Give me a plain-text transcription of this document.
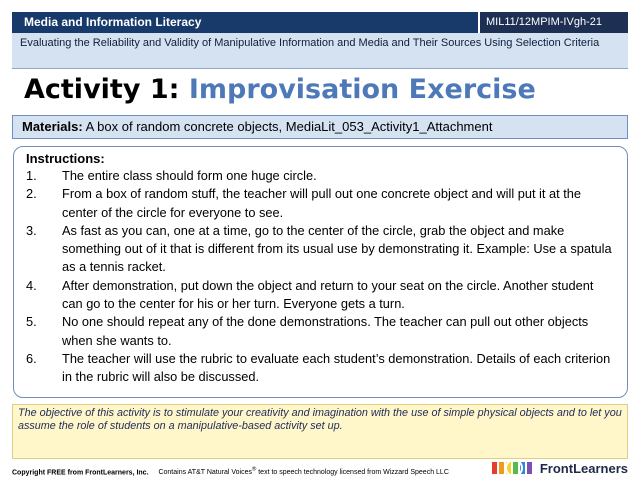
Media and Information Literacy	MIL11/12MPIM-IVgh-21
Evaluating the Reliability and Validity of Manipulative Information and Media and Their Sources Using Selection Criteria
Activity 1: Improvisation Exercise
Materials: A box of random concrete objects, MediaLit_053_Activity1_Attachment
Instructions:
1.	The entire class should form one huge circle.
2.	From a box of random stuff, the teacher will pull out one concrete object and will put it at the center of the circle for everyone to see.
3.	As fast as you can, one at a time, go to the center of the circle, grab the object and make something out of it that is different from its usual use by demonstrating it. Example: Use a spatula as a tennis racket.
4.	After demonstration, put down the object and return to your seat on the circle. Another student can go to the center for his or her turn. Everyone gets a turn.
5.	No one should repeat any of the done demonstrations. The teacher can pull out other objects when she wants to.
6.	The teacher will use the rubric to evaluate each student’s demonstration. Details of each criterion in the rubric will also be discussed.
The objective of this activity is to stimulate your creativity and imagination with the use of simple physical objects and to let you assume the role of students on a manipulative-based activity set up.
Copyright FREE from FrontLearners, Inc. Contains AT&T Natural Voices® text to speech technology licensed from Wizzard Speech LLC	FrontLearners
